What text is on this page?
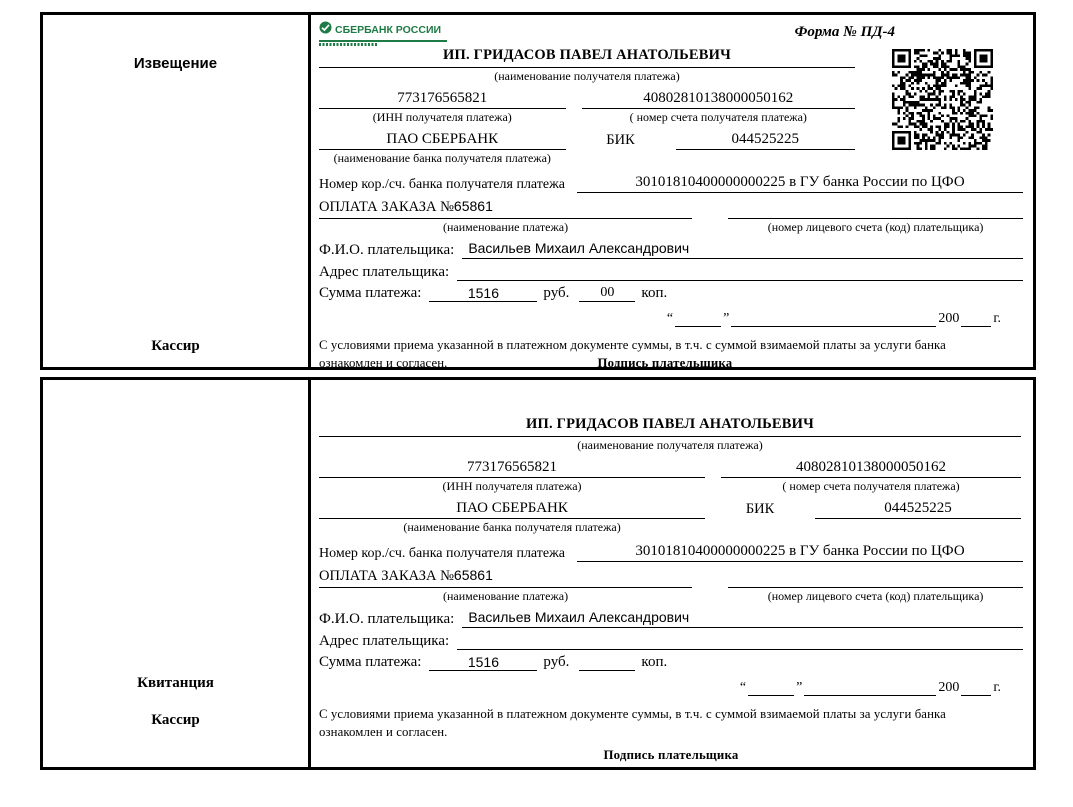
Извещение
Кассир
СБЕРБАНК РОССИИ	Форма № ПД-4
ИП. ГРИДАСОВ ПАВЕЛ АНАТОЛЬЕВИЧ
(наименование получателя платежа)
773176565821
(ИНН получателя платежа)
40802810138000050162
( номер счета получателя платежа)
ПАО СБЕРБАНК
(наименование банка получателя платежа)
БИК	044525225
Номер кор./сч. банка получателя платежа	30101810400000000225 в ГУ банка России по ЦФО
ОПЛАТА ЗАКАЗА №65861
(наименование платежа)	(номер лицевого счета (код) плательщика)
Ф.И.О. плательщика:	Васильев Михаил Александрович
Адрес плательщика:
Сумма платежа:	1516	руб.	00	коп.
“	”	200 г.
С условиями приема указанной в платежном документе суммы, в т.ч. с суммой взимаемой платы за услуги банка
ознакомлен и согласен.	Подпись плательщика
Квитанция
Кассир
ИП. ГРИДАСОВ ПАВЕЛ АНАТОЛЬЕВИЧ
(наименование получателя платежа)
773176565821
(ИНН получателя платежа)
40802810138000050162
( номер счета получателя платежа)
ПАО СБЕРБАНК
(наименование банка получателя платежа)
БИК	044525225
Номер кор./сч. банка получателя платежа	30101810400000000225 в ГУ банка России по ЦФО
ОПЛАТА ЗАКАЗА №65861
(наименование платежа)	(номер лицевого счета (код) плательщика)
Ф.И.О. плательщика:	Васильев Михаил Александрович
Адрес плательщика:
Сумма платежа:	1516	руб.	коп.
“	”	200 г.
С условиями приема указанной в платежном документе суммы, в т.ч. с суммой взимаемой платы за услуги банка
ознакомлен и согласен.
Подпись плательщика
